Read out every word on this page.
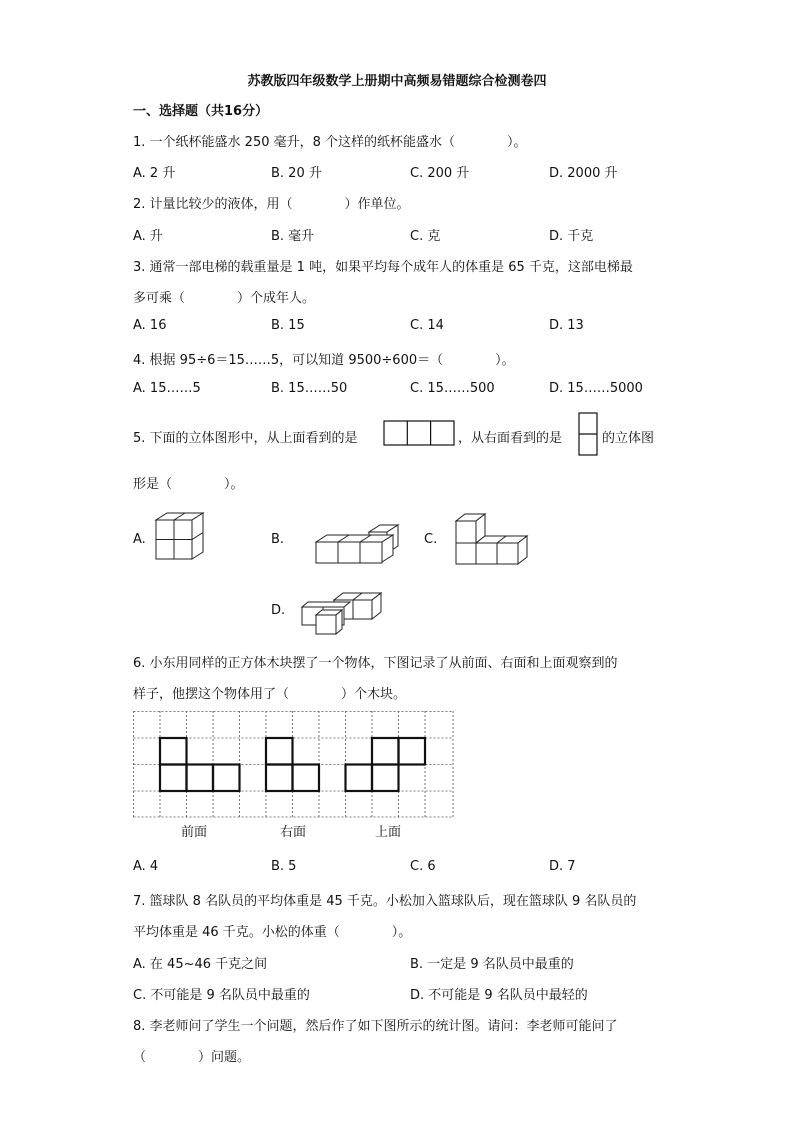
苏教版四年级数学上册期中高频易错题综合检测卷四
一、选择题（共16分）
1. 一个纸杯能盛水 250 毫升，8 个这样的纸杯能盛水（　　　　）。
A. 2 升	B. 20 升	C. 200 升	D. 2000 升
2. 计量比较少的液体，用（　　　　）作单位。
A. 升	B. 毫升	C. 克	D. 千克
3. 通常一部电梯的载重量是 1 吨，如果平均每个成年人的体重是 65 千克，这部电梯最
多可乘（　　　　）个成年人。
A. 16	B. 15	C. 14	D. 13
4. 根据 95÷6＝15……5，可以知道 9500÷600＝（　　　　）。
A. 15……5	B. 15……50	C. 15……500	D. 15……5000
5. 下面的立体图形中，从上面看到的是	，从右面看到的是	的立体图
形是（　　　　）。
A.	B.	C.
D.
6. 小东用同样的正方体木块摆了一个物体，下图记录了从前面、右面和上面观察到的
样子，他摆这个物体用了（　　　　）个木块。
前面	右面	上面
A. 4	B. 5	C. 6	D. 7
7. 篮球队 8 名队员的平均体重是 45 千克。小松加入篮球队后，现在篮球队 9 名队员的
平均体重是 46 千克。小松的体重（　　　　）。
A. 在 45~46 千克之间	B. 一定是 9 名队员中最重的
C. 不可能是 9 名队员中最重的	D. 不可能是 9 名队员中最轻的
8. 李老师问了学生一个问题，然后作了如下图所示的统计图。请问：李老师可能问了
（　　　　）问题。
